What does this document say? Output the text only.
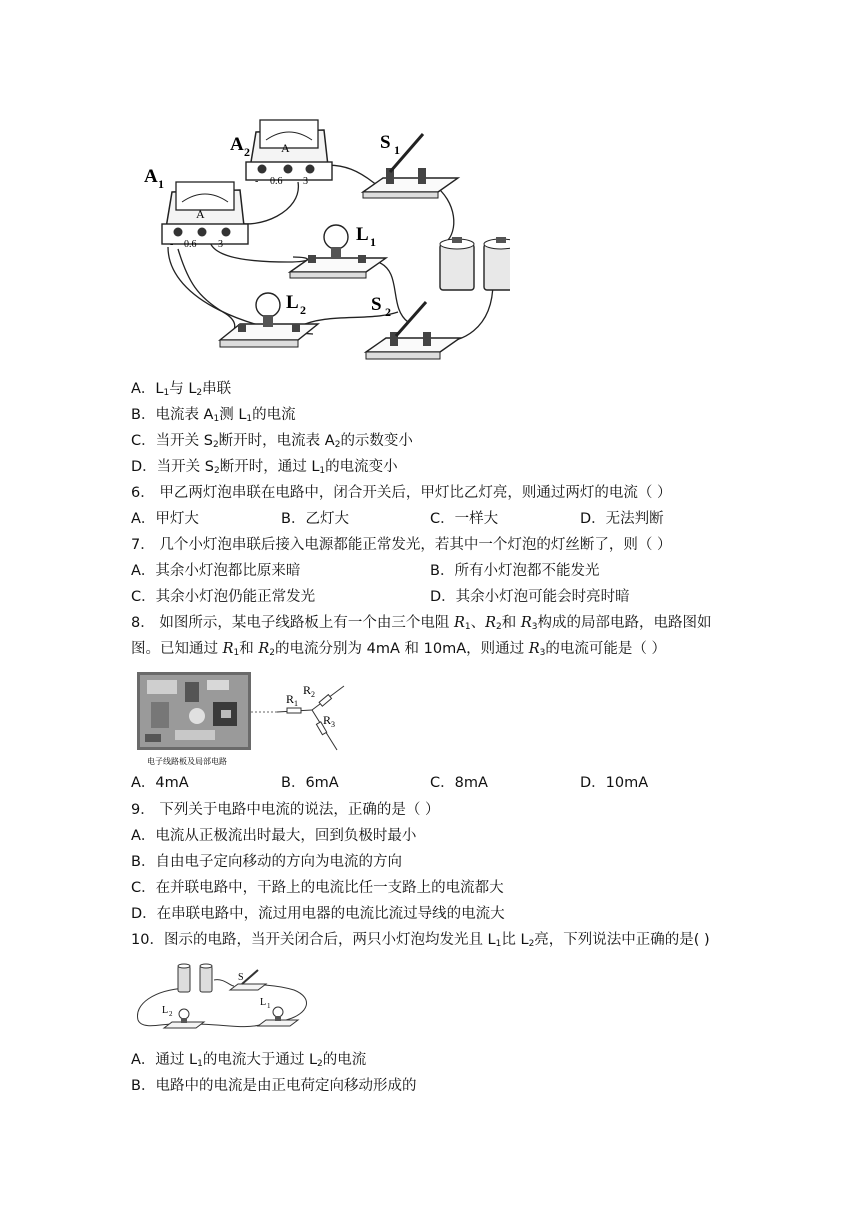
A
- 0.6 3
A 2
A
- 0.6 3
A 1
S 1
L 1
L 2	S 2
A．$L_1$与 $L_2$串联
B．电流表 $A_1$测 $L_1$的电流
C．当开关 $S_2$断开时，电流表 $A_2$的示数变小
D．当开关 $S_2$断开时，通过 $L_1$的电流变小
6． 甲乙两灯泡串联在电路中，闭合开关后，甲灯比乙灯亮，则通过两灯的电流（ ）
A．甲灯大	B．乙灯大	C．一样大	D．无法判断
7． 几个小灯泡串联后接入电源都能正常发光，若其中一个灯泡的灯丝断了，则（ ）
A．其余小灯泡都比原来暗	B．所有小灯泡都不能发光
C．其余小灯泡仍能正常发光	D．其余小灯泡可能会时亮时暗
8． 如图所示，某电子线路板上有一个由三个电阻 $R_1$、$R_2$和 $R_3$构成的局部电路，电路图如
图。已知通过 $R_1$和 $R_2$的电流分别为 4mA 和 10mA，则通过 $R_3$的电流可能是（ ）
R 1
R 2
R 3
电子线路板及局部电路
A．4mA	B．6mA	C．8mA	D．10mA
9． 下列关于电路中电流的说法，正确的是（ ）
A．电流从正极流出时最大，回到负极时最小
B．自由电子定向移动的方向为电流的方向
C．在并联电路中，干路上的电流比任一支路上的电流都大
D．在串联电路中，流过用电器的电流比流过导线的电流大
10．图示的电路，当开关闭合后，两只小灯泡均发光且 $L_1$比 $L_2$亮，下列说法中正确的是( )
S
L 2
L 1
A．通过 $L_1$的电流大于通过 $L_2$的电流
B．电路中的电流是由正电荷定向移动形成的
